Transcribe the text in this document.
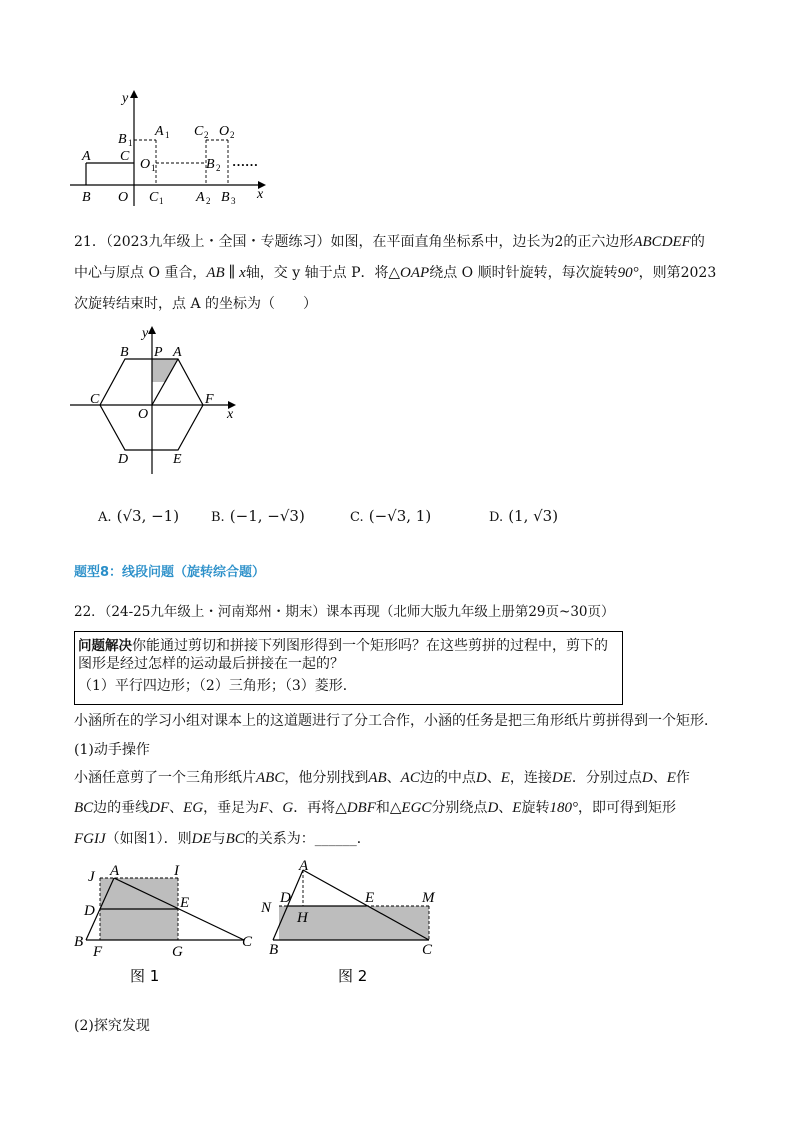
y
x
A
B O
C
B
A
O
C
C O
B
A B
1
1
1
1
2 2
2
2 3
……
21．（2023九年级上・全国・专题练习）如图，在平面直角坐标系中，边长为2的正六边形ABCDEF的
中心与原点 O 重合，AB ∥ x轴，交 y 轴于点 P．将△OAP绕点 O 顺时针旋转，每次旋转90°，则第2023
次旋转结束时，点 A 的坐标为（　　）
y
x
B P A
C
O
F
D	E
A. (√3, −1) B. (−1, −√3)	C. (−√3, 1)	D. (1, √3)
题型8：线段问题（旋转综合题）
22．（24-25九年级上・河南郑州・期末）课本再现（北师大版九年级上册第29页~30页）
问题解决你能通过剪切和拼接下列图形得到一个矩形吗？在这些剪拼的过程中，剪下的
图形是经过怎样的运动最后拼接在一起的？
（1）平行四边形；（2）三角形；（3）菱形．
小涵所在的学习小组对课本上的这道题进行了分工合作，小涵的任务是把三角形纸片剪拼得到一个矩形．
(1)动手操作
小涵任意剪了一个三角形纸片ABC，他分别找到AB、AC边的中点D、E，连接DE．分别过点D、E作
BC边的垂线DF、EG，垂足为F、G．再将△DBF和△EGC分别绕点D、E旋转180°，即可得到矩形
FGIJ（如图1）．则DE与BC的关系为：______．
J A	I
D	E
B
F	G
C
图 1
A
D	E	M
N
H
B	C
图 2
(2)探究发现
